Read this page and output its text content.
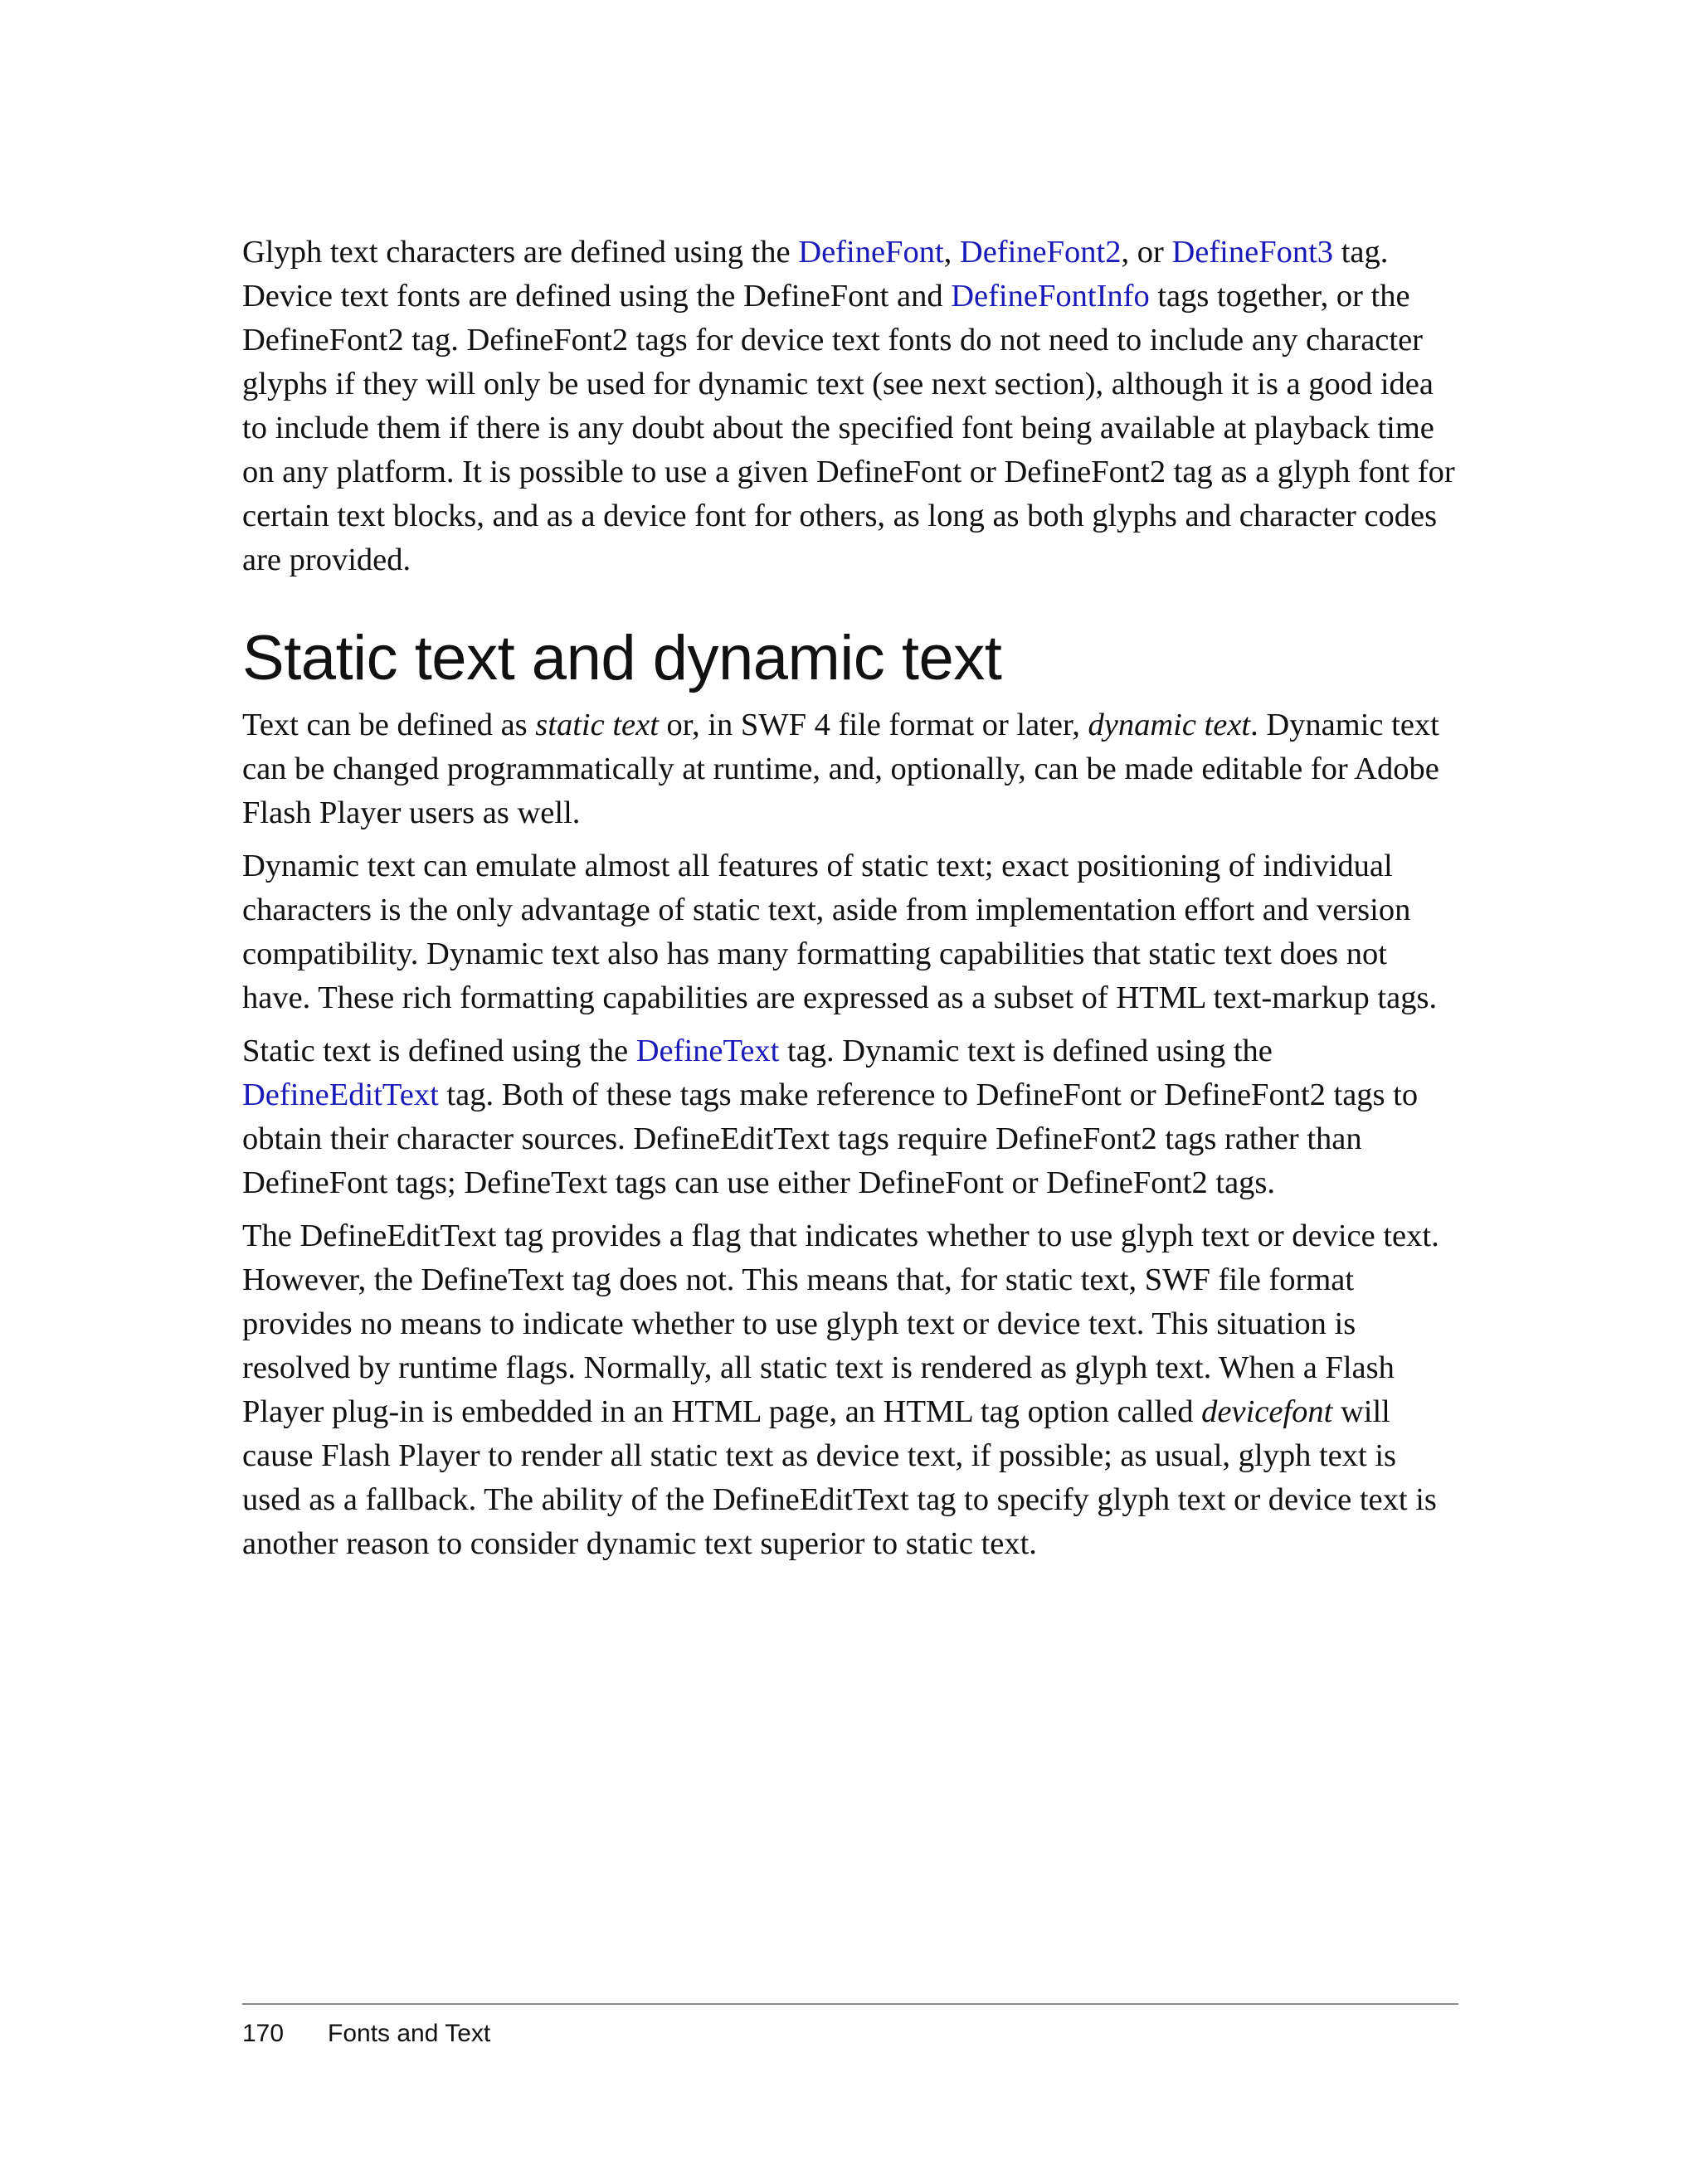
Glyph text characters are defined using the DefineFont, DefineFont2, or DefineFont3 tag. Device text fonts are defined using the DefineFont and DefineFontInfo tags together, or the DefineFont2 tag. DefineFont2 tags for device text fonts do not need to include any character glyphs if they will only be used for dynamic text (see next section), although it is a good idea to include them if there is any doubt about the specified font being available at playback time on any platform. It is possible to use a given DefineFont or DefineFont2 tag as a glyph font for certain text blocks, and as a device font for others, as long as both glyphs and character codes are provided.

Static text and dynamic text

Text can be defined as static text or, in SWF 4 file format or later, dynamic text. Dynamic text can be changed programmatically at runtime, and, optionally, can be made editable for Adobe Flash Player users as well.

Dynamic text can emulate almost all features of static text; exact positioning of individual characters is the only advantage of static text, aside from implementation effort and version compatibility. Dynamic text also has many formatting capabilities that static text does not have. These rich formatting capabilities are expressed as a subset of HTML text-markup tags.

Static text is defined using the DefineText tag. Dynamic text is defined using the DefineEditText tag. Both of these tags make reference to DefineFont or DefineFont2 tags to obtain their character sources. DefineEditText tags require DefineFont2 tags rather than DefineFont tags; DefineText tags can use either DefineFont or DefineFont2 tags.

The DefineEditText tag provides a flag that indicates whether to use glyph text or device text. However, the DefineText tag does not. This means that, for static text, SWF file format provides no means to indicate whether to use glyph text or device text. This situation is resolved by runtime flags. Normally, all static text is rendered as glyph text. When a Flash Player plug-in is embedded in an HTML page, an HTML tag option called devicefont will cause Flash Player to render all static text as device text, if possible; as usual, glyph text is used as a fallback. The ability of the DefineEditText tag to specify glyph text or device text is another reason to consider dynamic text superior to static text.

170 Fonts and Text
